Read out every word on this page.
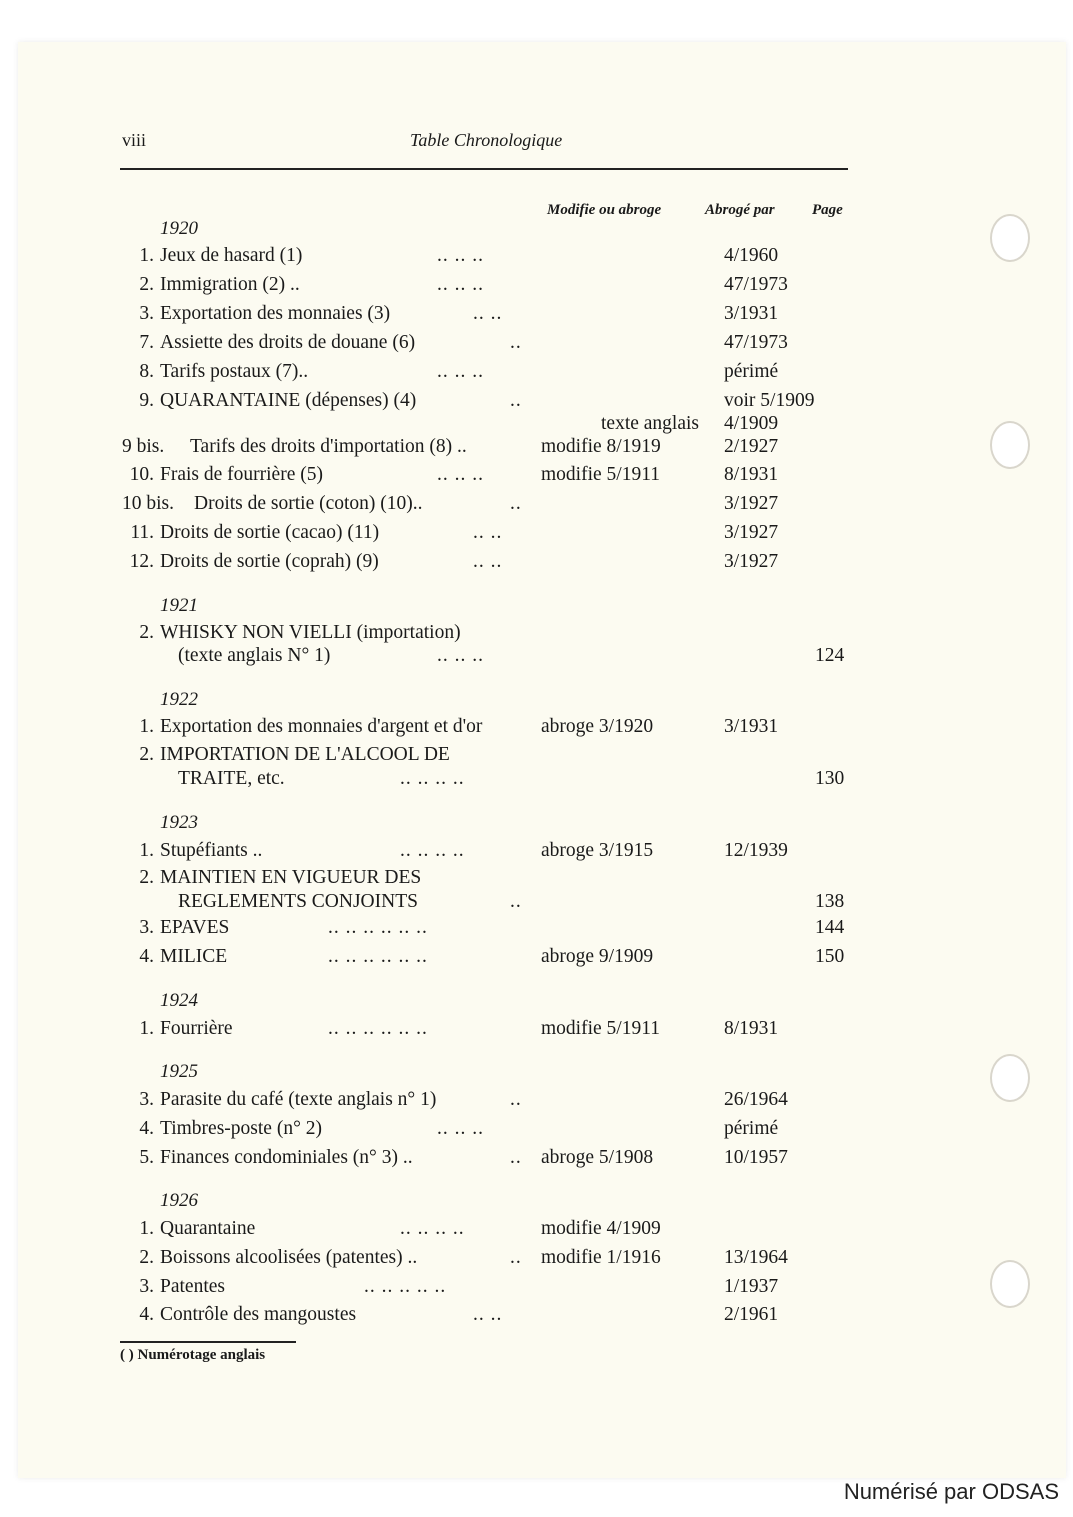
viii	Table Chronologique
Modifie ou abroge	Abrogé par Page
1920
1. Jeux de hasard (1)	.. .. ..	4/1960
2. Immigration (2) ..	.. .. ..	47/1973
3. Exportation des monnaies (3)	.. ..	3/1931
7. Assiette des droits de douane (6)	..	47/1973
8. Tarifs postaux (7)..	.. .. ..	périmé
9. QUARANTAINE (dépenses) (4)	..	voir 5/1909
texte anglais 4/1909
9 bis. Tarifs des droits d'importation (8) ..	modifie 8/1919	2/1927
10. Frais de fourrière (5)	.. .. ..	modifie 5/1911	8/1931
10 bis. Droits de sortie (coton) (10)..	..	3/1927
11. Droits de sortie (cacao) (11)	.. ..	3/1927
12. Droits de sortie (coprah) (9)	.. ..	3/1927
1921
2. WHISKY NON VIELLI (importation)
(texte anglais N° 1)	.. .. ..	124
1922
1. Exportation des monnaies d'argent et d'or	abroge 3/1920	3/1931
2. IMPORTATION DE L'ALCOOL DE
TRAITE, etc.	.. .. .. ..	130
1923
1. Stupéfiants ..	.. .. .. ..	abroge 3/1915	12/1939
2. MAINTIEN EN VIGUEUR DES
REGLEMENTS CONJOINTS	..	138
3. EPAVES	.. .. .. .. .. ..	144
4. MILICE	.. .. .. .. .. ..	abroge 9/1909	150
1924
1. Fourrière	.. .. .. .. .. ..	modifie 5/1911	8/1931
1925
3. Parasite du café (texte anglais n° 1)	..	26/1964
4. Timbres-poste (n° 2)	.. .. ..	périmé
5. Finances condominiales (n° 3) ..	.. abroge 5/1908	10/1957
1926
1. Quarantaine	.. .. .. ..	modifie 4/1909
2. Boissons alcoolisées (patentes) ..	.. modifie 1/1916	13/1964
3. Patentes	.. .. .. .. ..	1/1937
4. Contrôle des mangoustes	.. ..	2/1961
( ) Numérotage anglais
Numérisé par ODSAS
